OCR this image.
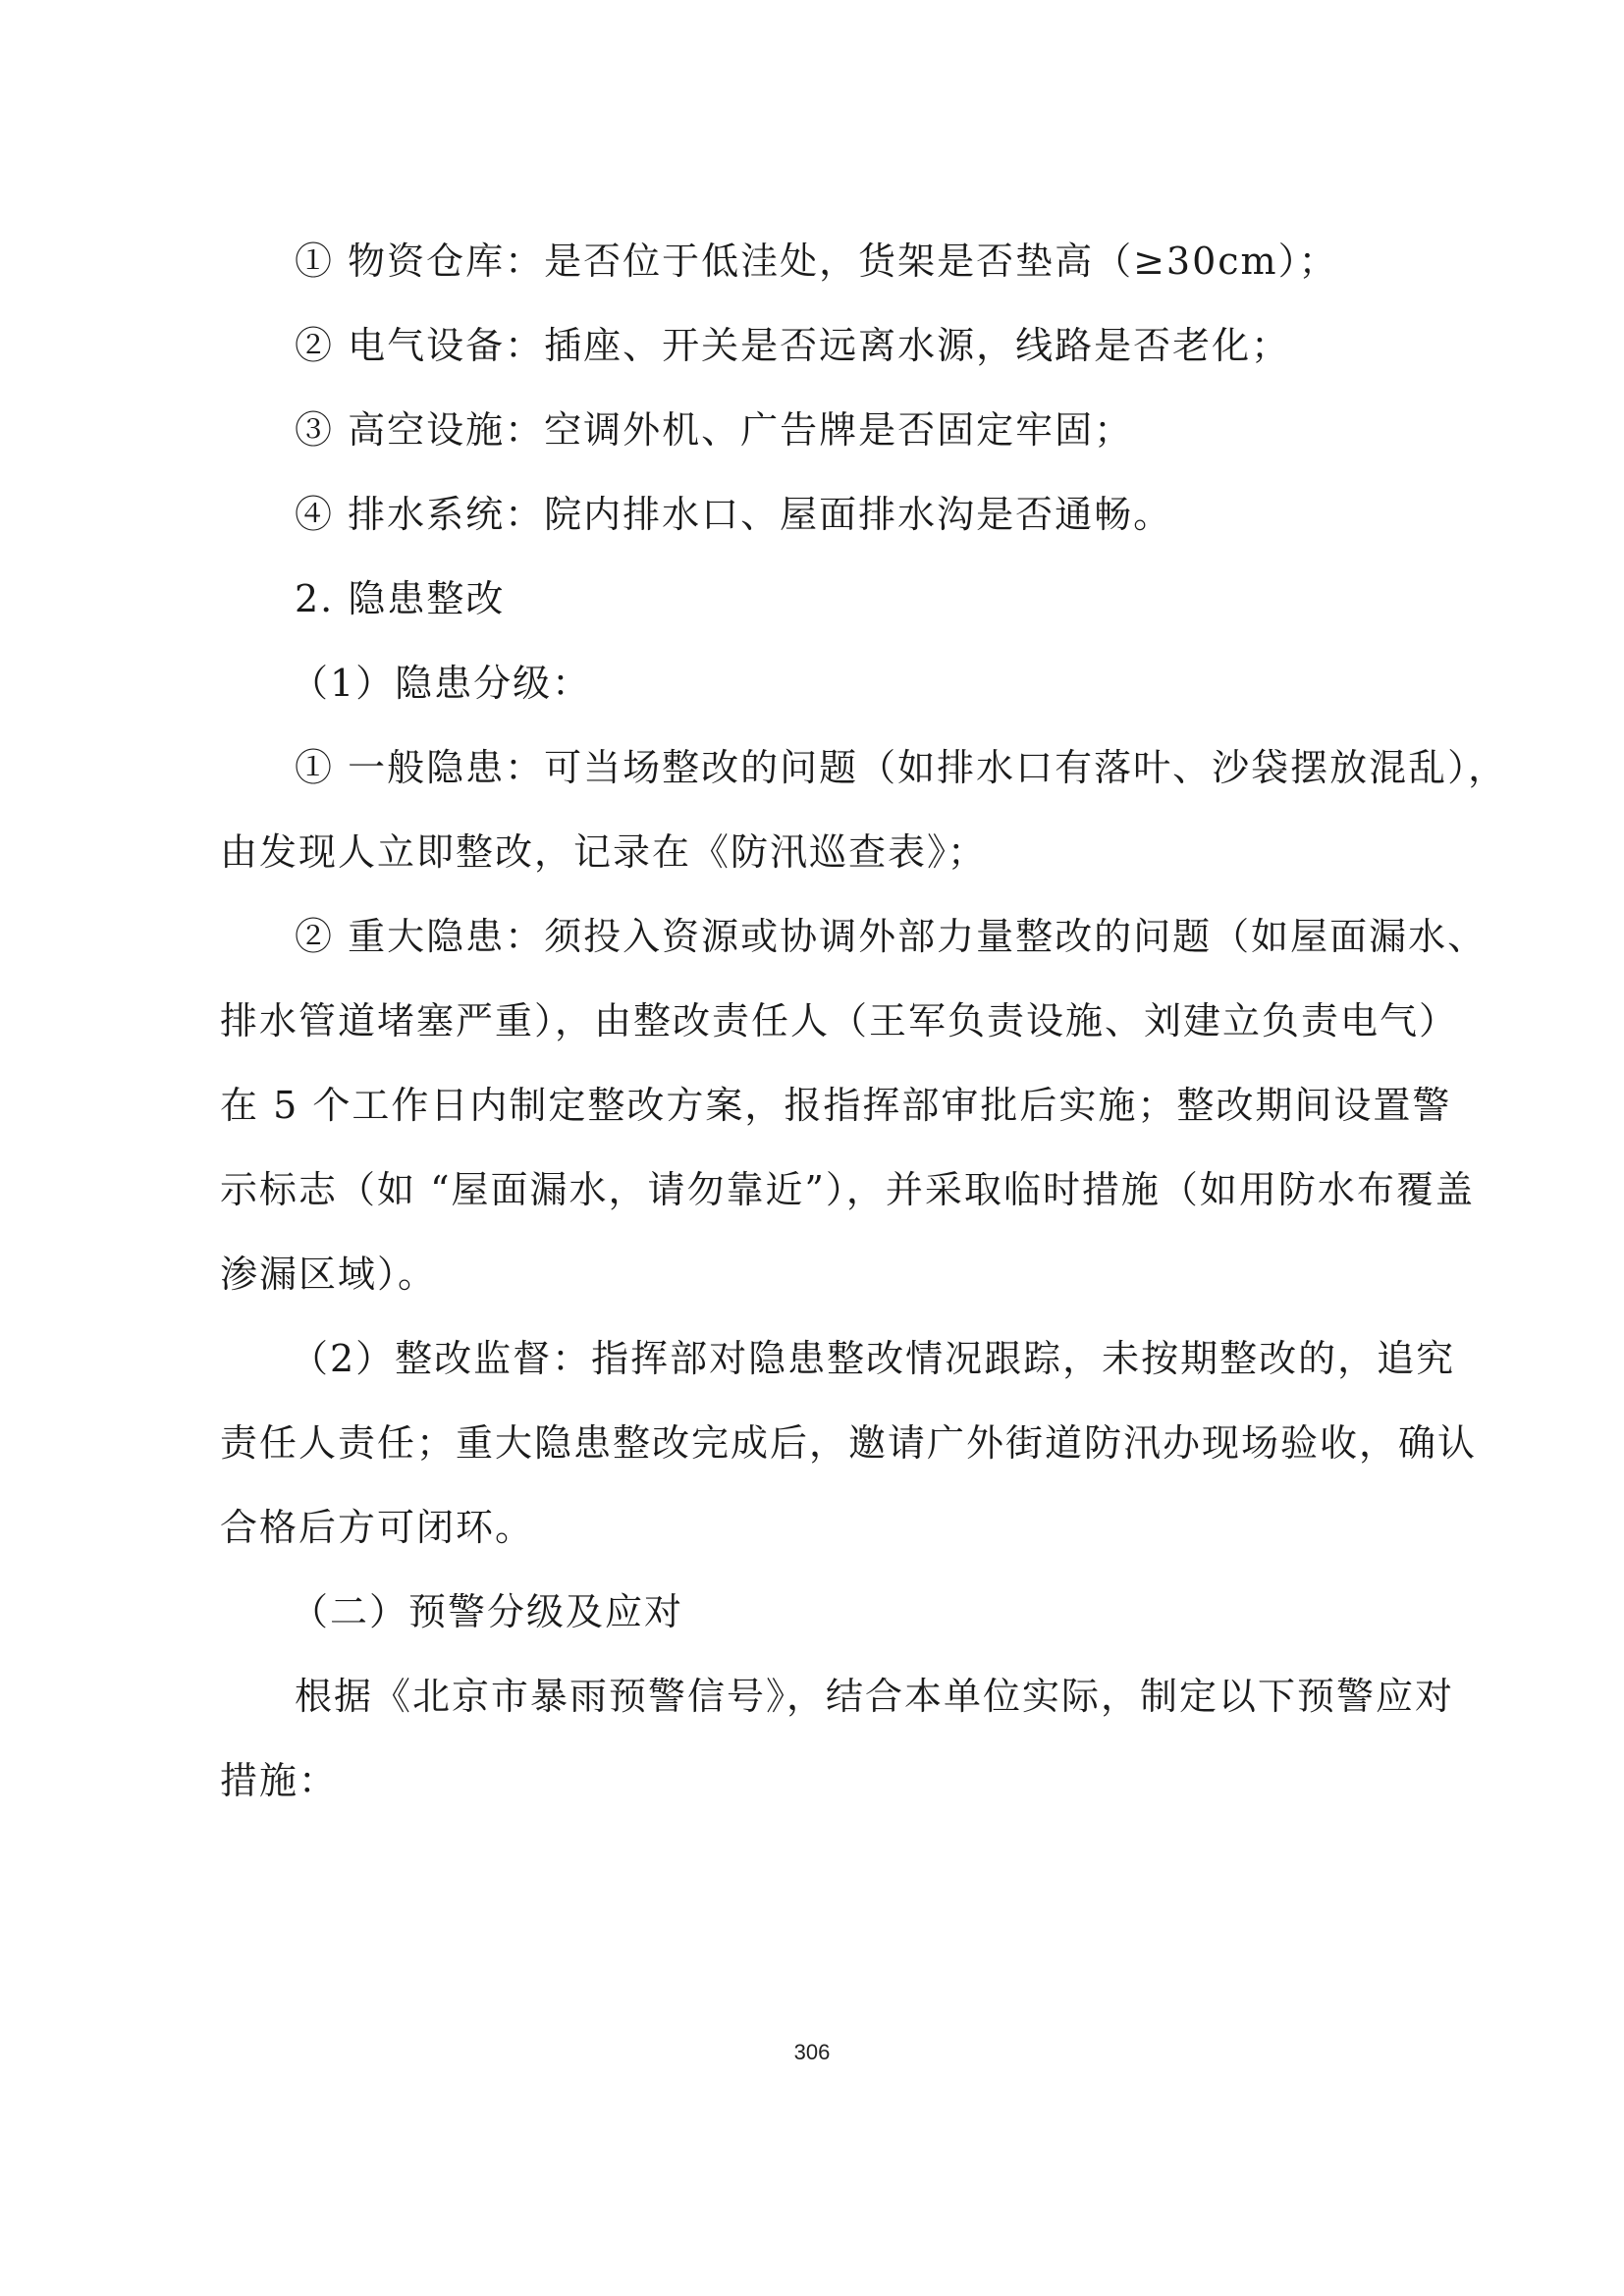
① 物资仓库：是否位于低洼处，货架是否垫高（≥30cm）；
② 电气设备：插座、开关是否远离水源，线路是否老化；
③ 高空设施：空调外机、广告牌是否固定牢固；
④ 排水系统：院内排水口、屋面排水沟是否通畅。
2. 隐患整改
（1）隐患分级：
① 一般隐患：可当场整改的问题（如排水口有落叶、沙袋摆放混乱），
由发现人立即整改，记录在《防汛巡查表》；
② 重大隐患：须投入资源或协调外部力量整改的问题（如屋面漏水、
排水管道堵塞严重），由整改责任人（王军负责设施、刘建立负责电气）
在 5 个工作日内制定整改方案，报指挥部审批后实施；整改期间设置警
示标志（如 “屋面漏水，请勿靠近”），并采取临时措施（如用防水布覆盖
渗漏区域）。
（2）整改监督：指挥部对隐患整改情况跟踪，未按期整改的，追究
责任人责任；重大隐患整改完成后，邀请广外街道防汛办现场验收，确认
合格后方可闭环。
（二）预警分级及应对
根据《北京市暴雨预警信号》，结合本单位实际，制定以下预警应对
措施：
306
